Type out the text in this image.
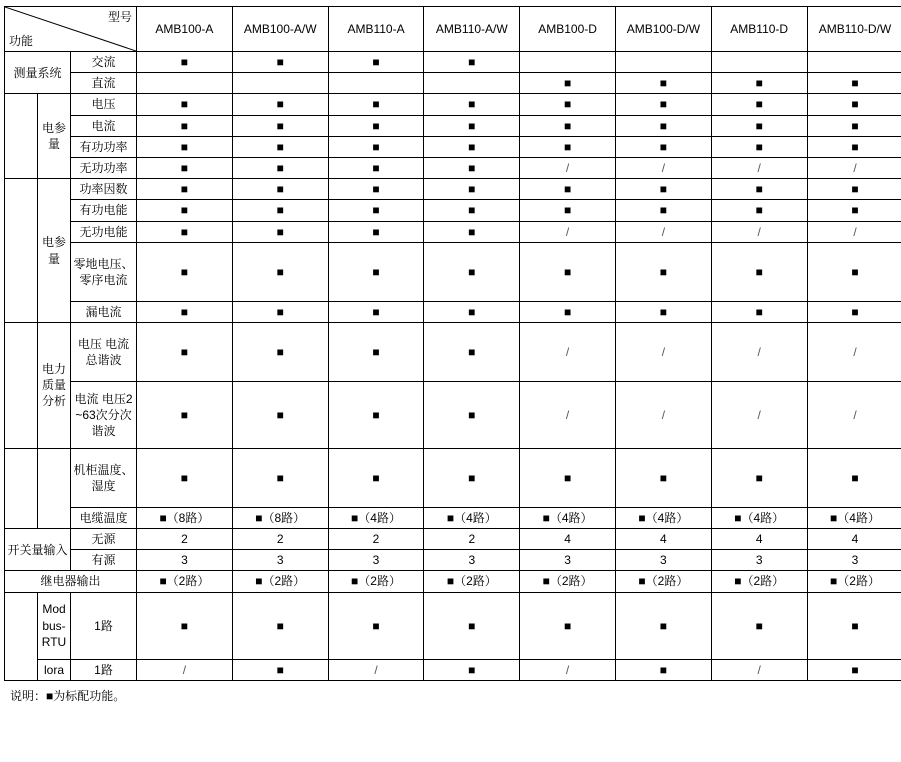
型号
功能			AMB100-A	AMB100-A/W	AMB110-A	AMB110-A/W	AMB100-D	AMB100-D/W	AMB110-D	AMB110-D/W
测量系统		交流	■	■	■	■				
		直流					■	■	■	■
	电参量	电压	■	■	■	■	■	■	■	■
		电流	■	■	■	■	■	■	■	■
		有功功率	■	■	■	■	■	■	■	■
		无功功率	■	■	■	■	/	/	/	/
	电参量	功率因数	■	■	■	■	■	■	■	■
		有功电能	■	■	■	■	■	■	■	■
		无功电能	■	■	■	■	/	/	/	/
		零地电压、零序电流	■	■	■	■	■	■	■	■
		漏电流	■	■	■	■	■	■	■	■
	电力质量分析	电压 电流总谐波	■	■	■	■	/	/	/	/
		电流 电压2~63次分次谐波	■	■	■	■	/	/	/	/
		机柜温度、湿度	■	■	■	■	■	■	■	■
		电缆温度	■（8路）	■（8路）	■（4路）	■（4路）	■（4路）	■（4路）	■（4路）	■（4路）
开关量输入		无源	2	2	2	2	4	4	4	4
		有源	3	3	3	3	3	3	3	3
继电器输出			■（2路）	■（2路）	■（2路）	■（2路）	■（2路）	■（2路）	■（2路）	■（2路）
	Modbus-RTU	1路	■	■	■	■	■	■	■	■
	lora	1路	/	■	/	■	/	■	/	■
说明：■为标配功能。
